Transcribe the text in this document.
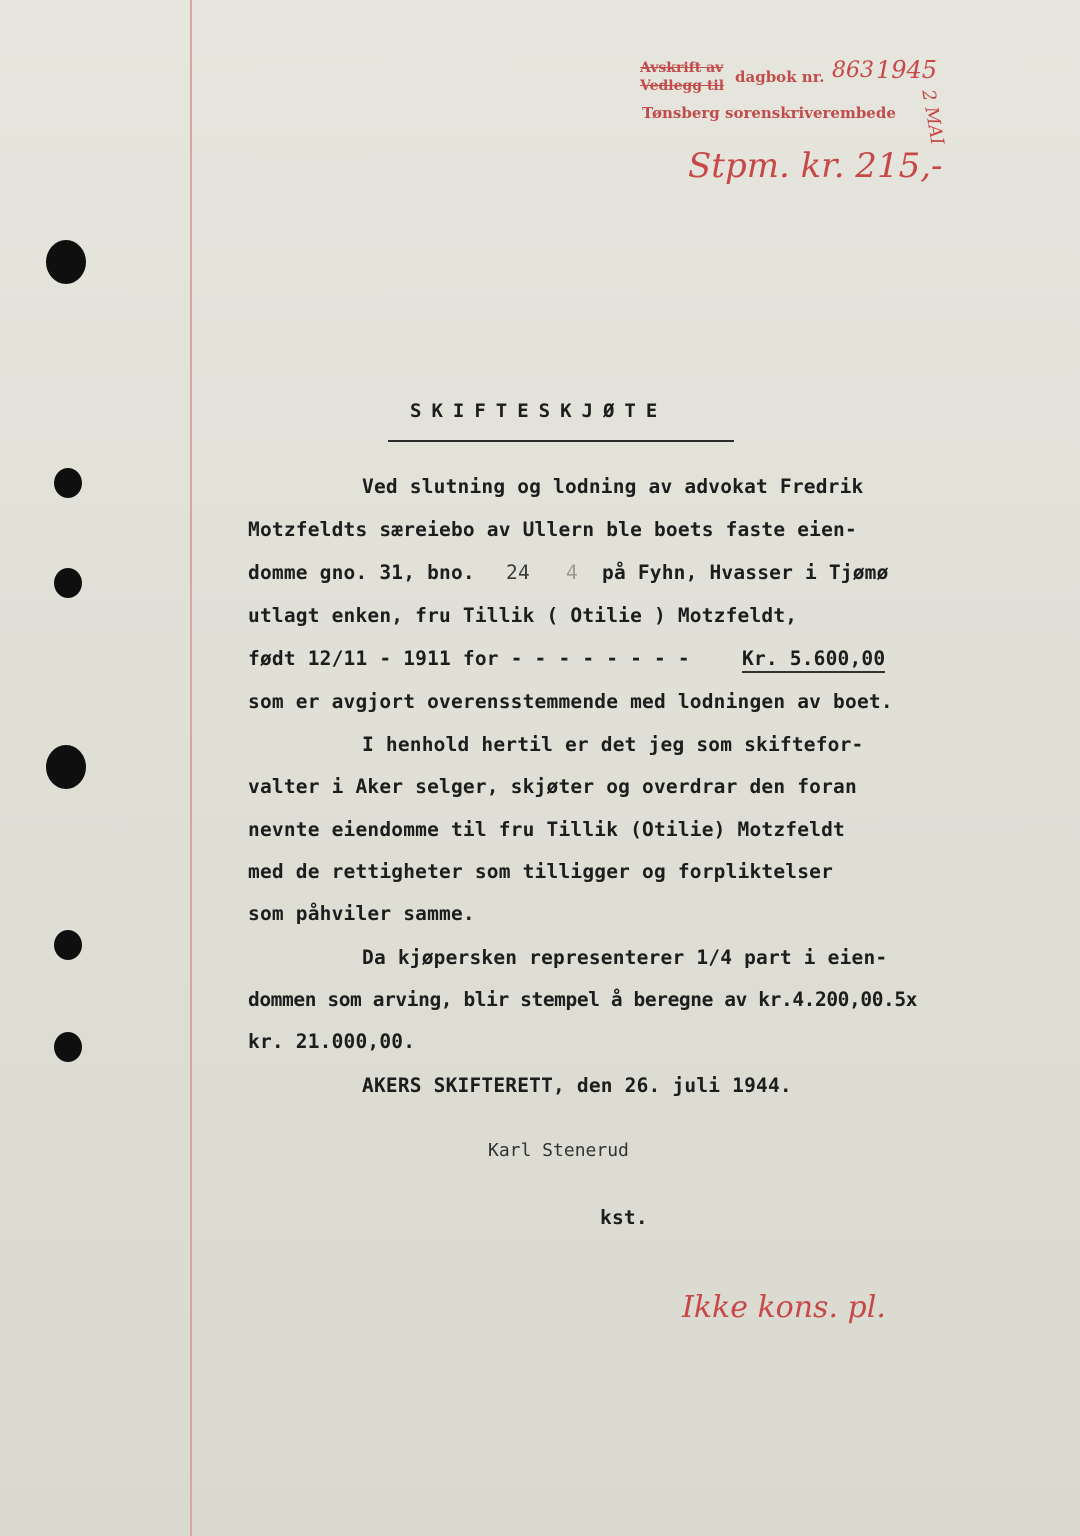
Avskrift av
Vedlegg til dagbok nr. 863 1945
Tønsberg sorenskriverembede 2 MAI
Stpm. kr. 215,-
SKIFTESKJØTE
Ved slutning og lodning av advokat Fredrik
Motzfeldts særeiebo av Ullern ble boets faste eien-
domme gno. 31, bno. 24 4 på Fyhn, Hvasser i Tjømø
utlagt enken, fru Tillik ( Otilie ) Motzfeldt,
født 12/11 - 1911 for - - - - - - - -	Kr. 5.600,00
som er avgjort overensstemmende med lodningen av boet.
I henhold hertil er det jeg som skiftefor-
valter i Aker selger, skjøter og overdrar den foran
nevnte eiendomme til fru Tillik (Otilie) Motzfeldt
med de rettigheter som tilligger og forpliktelser
som påhviler samme.
Da kjøpersken representerer 1/4 part i eien-
dommen som arving, blir stempel å beregne av kr.4.200,00.5x
kr. 21.000,00.
AKERS SKIFTERETT, den 26. juli 1944.
Karl Stenerud
kst.
Ikke kons. pl.
